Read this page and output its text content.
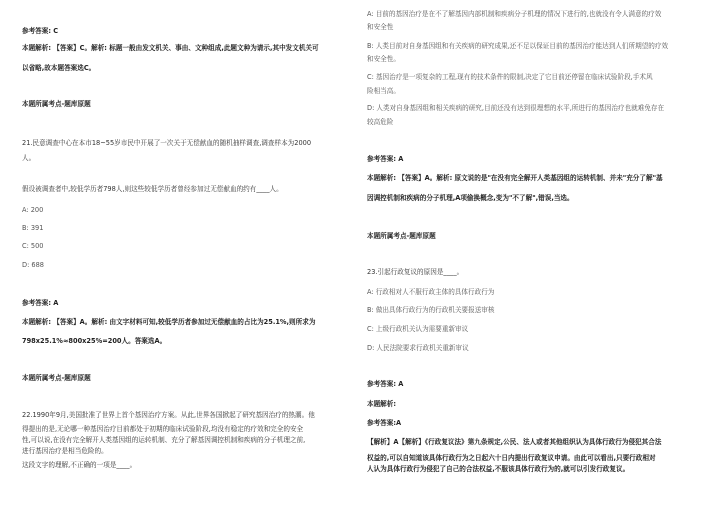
参考答案: C
本题解析: 【答案】C。解析: 标题一般由发文机关、事由、文种组成,此题文种为请示,其中发文机关可
以省略,故本题答案选C。
本题所属考点-题库原题
21.民意调查中心在本市18~55岁市民中开展了一次关于无偿献血的随机抽样调查,调查样本为2000
人。
假设被调查者中,较低学历者798人,则这些较低学历者曾经参加过无偿献血的约有____人。
A: 200
B: 391
C: 500
D: 688
参考答案: A
本题解析: 【答案】A。解析: 由文字材料可知,较低学历者参加过无偿献血的占比为25.1%,则所求为
798x25.1%≈800x25%=200人。答案选A。
本题所属考点-题库原题
22.1990年9月,美国批准了世界上首个基因治疗方案。从此,世界各国掀起了研究基因治疗的热潮。他
得提出的是,无论哪一种基因治疗目前都处于初期的临床试验阶段,均没有稳定的疗效和完全的安全
性,可以说,在没有完全解开人类基因组的运转机制、充分了解基因调控机制和疾病的分子机理之前,
进行基因治疗是相当危险的。
这段文字的理解,不正确的一项是____。
A: 目前的基因治疗是在不了解基因内部机制和疾病分子机理的情况下进行的,也就没有令人满意的疗效
和安全性
B: 人类目前对自身基因组和有关疾病的研究成果,还不足以保证目前的基因治疗能达到人们所期望的疗效
和安全性。
C: 基因治疗是一项复杂的工程,现有的技术条件的限制,决定了它目前还停留在临床试验阶段,手术风
险相当高。
D: 人类对自身基因组和相关疾病的研究,目前还没有达到很理想的水平,所进行的基因治疗也就难免存在
较高危险
参考答案: A
本题解析: 【答案】A。解析: 原文说的是"在没有完全解开人类基因组的运转机制、并未"充分了解"基
因调控机制和疾病的分子机理,A项偷换概念,变为"不了解",错误,当选。
本题所属考点-题库原题
23.引起行政复议的原因是____。
A: 行政相对人不服行政主体的具体行政行为
B: 做出具体行政行为的行政机关要报送审核
C: 上级行政机关认为需要重新审议
D: 人民法院要求行政机关重新审议
参考答案: A
本题解析:
参考答案:A
【解析】A【解析】《行政复议法》第九条规定,公民、法人或者其他组织认为具体行政行为侵犯其合法
权益的,可以自知道该具体行政行为之日起六十日内提出行政复议申请。由此可以看出,只要行政相对
人认为具体行政行为侵犯了自己的合法权益,不服该具体行政行为的,就可以引发行政复议。
